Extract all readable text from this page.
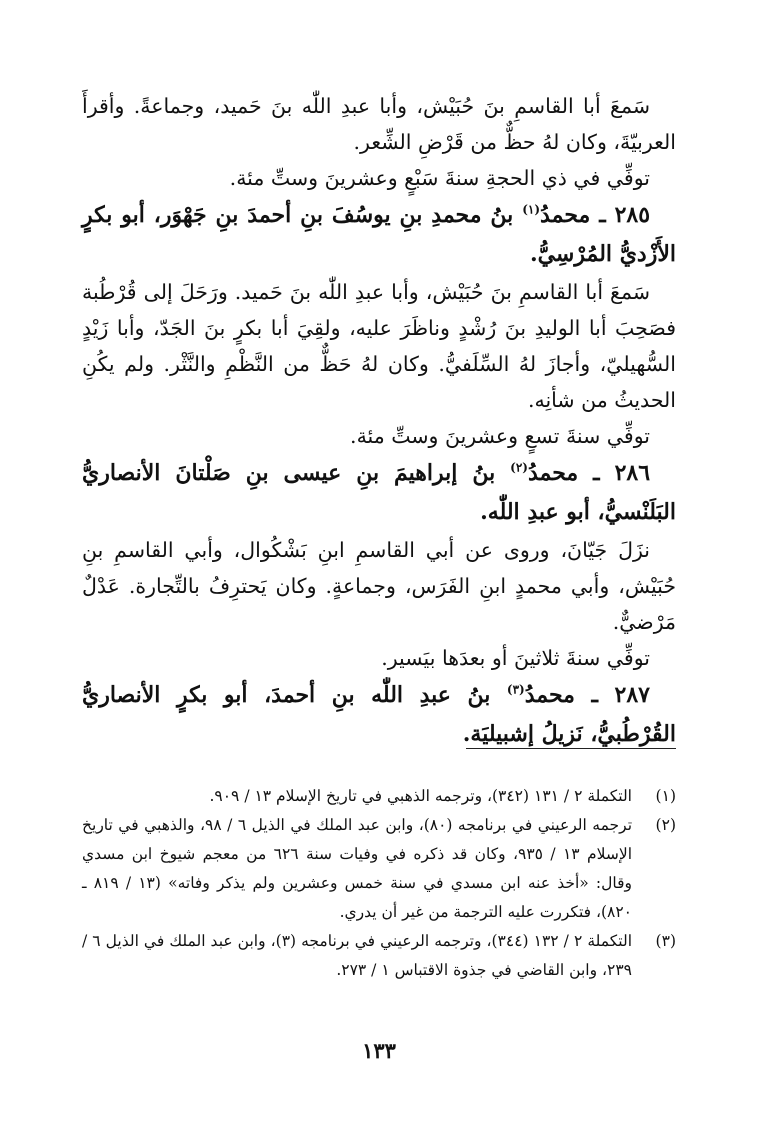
سَمعَ أبا القاسمِ بنَ حُبَيْش، وأبا عبدِ اللّٰه بنَ حَميد، وجماعةً. وأقرأَ العربيّةَ، وكان لهُ حظٌّ من قَرْضِ الشِّعر.

توفِّي في ذي الحجةِ سنةَ سَبْعٍ وعشرينَ وستِّ مئة.

٢٨٥ ـ محمدُ$^{(١)}$ بنُ محمدِ بنِ يوسُفَ بنِ أحمدَ بنِ جَهْوَر، أبو بكرٍ الأَزْديُّ المُرْسِيُّ.

سَمعَ أبا القاسمِ بنَ حُبَيْش، وأبا عبدِ اللّٰه بنَ حَميد. ورَحَلَ إلى قُرْطُبة فصَحِبَ أبا الوليدِ بنَ رُشْدٍ وناظَرَ عليه، ولقِيَ أبا بكرٍ بنَ الجَدّ، وأبا زَيْدٍ السُّهيليّ، وأجازَ لهُ السِّلَفيُّ. وكان لهُ حَظٌّ من النَّظْمِ والنَّثْر. ولم يكُنِ الحديثُ من شأنِه.

توفِّي سنةَ تسعٍ وعشرينَ وستِّ مئة.

٢٨٦ ـ محمدُ$^{(٢)}$ بنُ إبراهيمَ بنِ عيسى بنِ صَلْتانَ الأنصاريُّ البَلَنْسيُّ، أبو عبدِ اللّٰه.

نزَلَ جَيّانَ، وروى عن أبي القاسمِ ابنِ بَشْكُوال، وأبي القاسمِ بنِ حُبَيْش، وأبي محمدٍ ابنِ الفَرَس، وجماعةٍ. وكان يَحترِفُ بالتِّجارة. عَدْلٌ مَرْضيٌّ.

توفِّي سنةَ ثلاثينَ أو بعدَها بيَسير.

٢٨٧ ـ محمدُ$^{(٣)}$ بنُ عبدِ اللّٰه بنِ أحمدَ، أبو بكرٍ الأنصاريُّ القُرْطُبيُّ، نَزيلُ إشبيليَة.

(١)
التكملة ٢ / ١٣١ (٣٤٢)، وترجمه الذهبي في تاريخ الإسلام ١٣ / ٩٠٩.
(٢)
ترجمه الرعيني في برنامجه (٨٠)، وابن عبد الملك في الذيل ٦ / ٩٨، والذهبي في تاريخ الإسلام ١٣ / ٩٣٥، وكان قد ذكره في وفيات سنة ٦٢٦ من معجم شيوخ ابن مسدي وقال: «أخذ عنه ابن مسدي في سنة خمس وعشرين ولم يذكر وفاته» (١٣ / ٨١٩ ـ ٨٢٠)، فتكررت عليه الترجمة من غير أن يدري.
(٣)
التكملة ٢ / ١٣٢ (٣٤٤)، وترجمه الرعيني في برنامجه (٣)، وابن عبد الملك في الذيل ٦ / ٢٣٩، وابن القاضي في جذوة الاقتباس ١ / ٢٧٣.
١٣٣
